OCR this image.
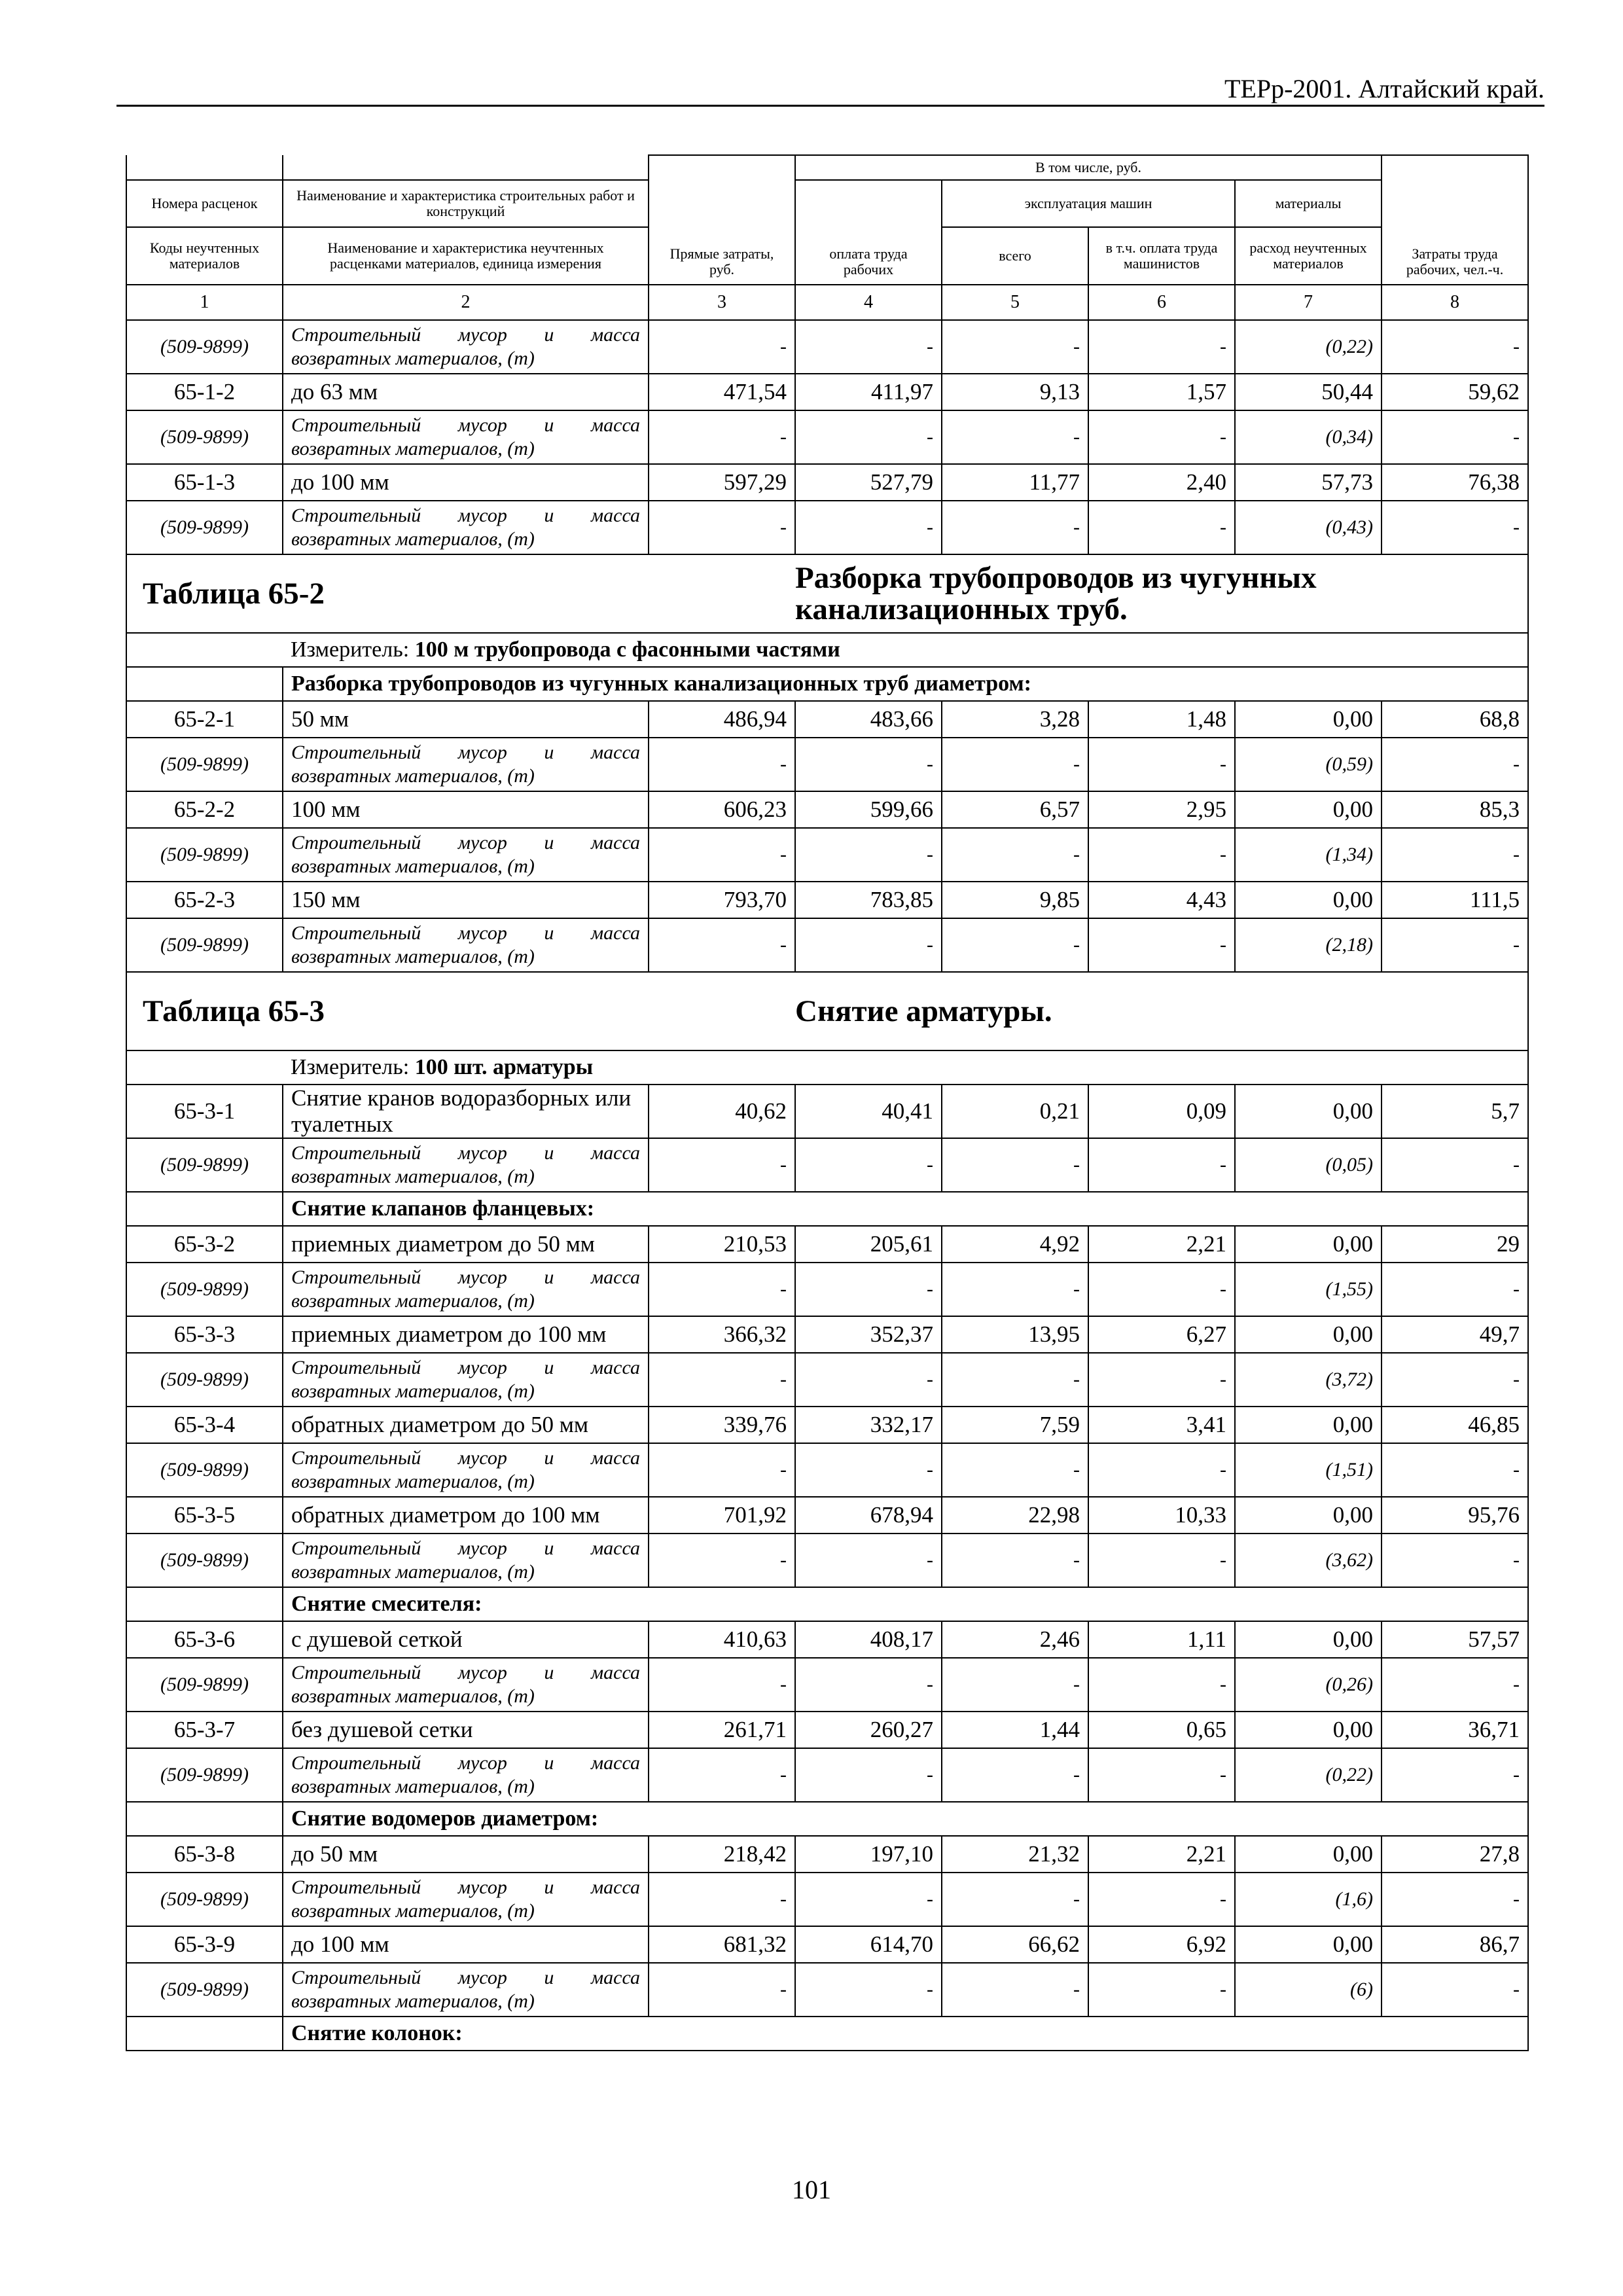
ТЕРр-2001. Алтайский край.
		Прямые затраты, руб.	В том числе, руб.				Затраты труда рабочих, чел.-ч.
Номера расценок	Наименование и характеристика строительных работ и конструкций		оплата труда рабочих	эксплуатация машин		материалы	
Коды неучтенных материалов	Наименование и характеристика неучтенных расценками материалов, единица измерения			всего	в т.ч. оплата труда машинистов	расход неучтенных материалов	
1	2	3	4	5	6	7	8
(509-9899)	Строительный мусор и масса возвратных материалов, (т)	-	-	-	-	(0,22)	-
65-1-2	до 63 мм	471,54	411,97	9,13	1,57	50,44	59,62
(509-9899)	Строительный мусор и масса возвратных материалов, (т)	-	-	-	-	(0,34)	-
65-1-3	до 100 мм	597,29	527,79	11,77	2,40	57,73	76,38
(509-9899)	Строительный мусор и масса возвратных материалов, (т)	-	-	-	-	(0,43)	-
Таблица 65-2			Разборка трубопроводов из чугунных канализационных труб.				
	Измеритель: 100 м трубопровода с фасонными частями						
	Разборка трубопроводов из чугунных канализационных труб диаметром:						
65-2-1	50 мм	486,94	483,66	3,28	1,48	0,00	68,8
(509-9899)	Строительный мусор и масса возвратных материалов, (т)	-	-	-	-	(0,59)	-
65-2-2	100 мм	606,23	599,66	6,57	2,95	0,00	85,3
(509-9899)	Строительный мусор и масса возвратных материалов, (т)	-	-	-	-	(1,34)	-
65-2-3	150 мм	793,70	783,85	9,85	4,43	0,00	111,5
(509-9899)	Строительный мусор и масса возвратных материалов, (т)	-	-	-	-	(2,18)	-
Таблица 65-3			Снятие арматуры.				
	Измеритель: 100 шт. арматуры						
65-3-1	Снятие кранов водоразборных или туалетных	40,62	40,41	0,21	0,09	0,00	5,7
(509-9899)	Строительный мусор и масса возвратных материалов, (т)	-	-	-	-	(0,05)	-
	Снятие клапанов фланцевых:						
65-3-2	приемных диаметром до 50 мм	210,53	205,61	4,92	2,21	0,00	29
(509-9899)	Строительный мусор и масса возвратных материалов, (т)	-	-	-	-	(1,55)	-
65-3-3	приемных диаметром до 100 мм	366,32	352,37	13,95	6,27	0,00	49,7
(509-9899)	Строительный мусор и масса возвратных материалов, (т)	-	-	-	-	(3,72)	-
65-3-4	обратных диаметром до 50 мм	339,76	332,17	7,59	3,41	0,00	46,85
(509-9899)	Строительный мусор и масса возвратных материалов, (т)	-	-	-	-	(1,51)	-
65-3-5	обратных диаметром до 100 мм	701,92	678,94	22,98	10,33	0,00	95,76
(509-9899)	Строительный мусор и масса возвратных материалов, (т)	-	-	-	-	(3,62)	-
	Снятие смесителя:						
65-3-6	с душевой сеткой	410,63	408,17	2,46	1,11	0,00	57,57
(509-9899)	Строительный мусор и масса возвратных материалов, (т)	-	-	-	-	(0,26)	-
65-3-7	без душевой сетки	261,71	260,27	1,44	0,65	0,00	36,71
(509-9899)	Строительный мусор и масса возвратных материалов, (т)	-	-	-	-	(0,22)	-
	Снятие водомеров диаметром:						
65-3-8	до 50 мм	218,42	197,10	21,32	2,21	0,00	27,8
(509-9899)	Строительный мусор и масса возвратных материалов, (т)	-	-	-	-	(1,6)	-
65-3-9	до 100 мм	681,32	614,70	66,62	6,92	0,00	86,7
(509-9899)	Строительный мусор и масса возвратных материалов, (т)	-	-	-	-	(6)	-
	Снятие колонок:						
101
